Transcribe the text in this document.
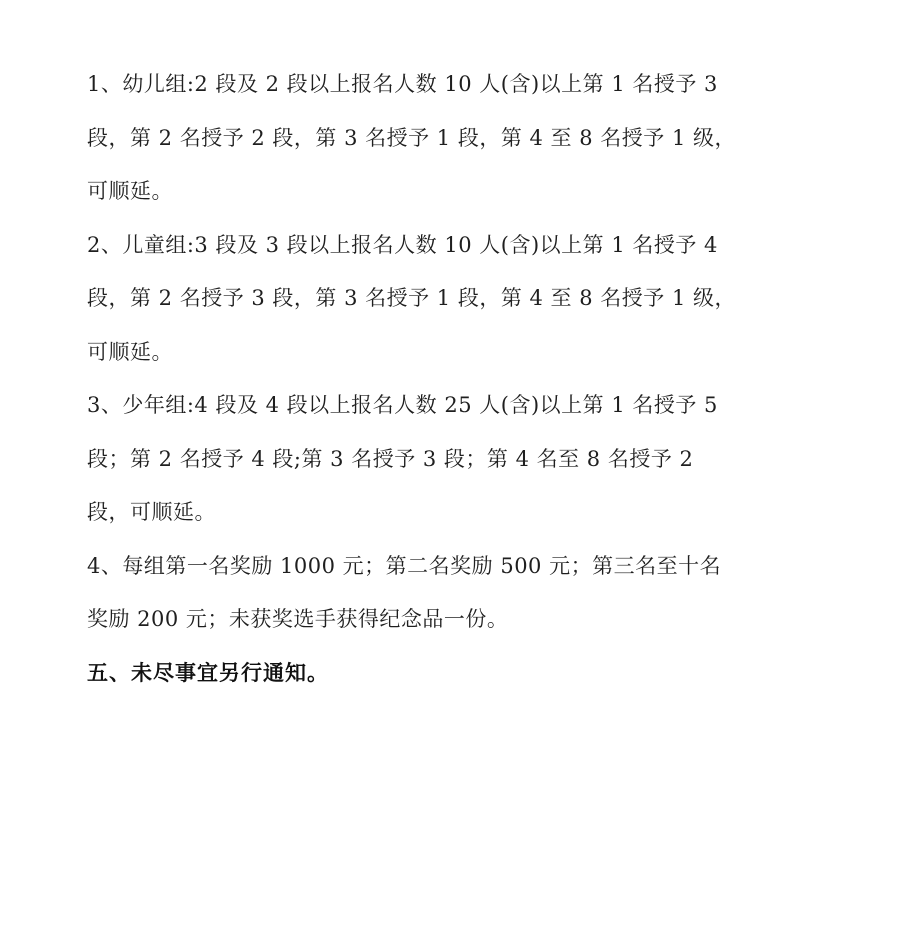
1、幼儿组:2 段及 2 段以上报名人数 10 人(含)以上第 1 名授予 3
段，第 2 名授予 2 段，第 3 名授予 1 段，第 4 至 8 名授予 1 级，
可顺延。
2、儿童组:3 段及 3 段以上报名人数 10 人(含)以上第 1 名授予 4
段，第 2 名授予 3 段，第 3 名授予 1 段，第 4 至 8 名授予 1 级，
可顺延。
3、少年组:4 段及 4 段以上报名人数 25 人(含)以上第 1 名授予 5
段；第 2 名授予 4 段;第 3 名授予 3 段；第 4 名至 8 名授予 2
段，可顺延。
4、每组第一名奖励 1000 元；第二名奖励 500 元；第三名至十名
奖励 200 元；未获奖选手获得纪念品一份。
五、未尽事宜另行通知。
